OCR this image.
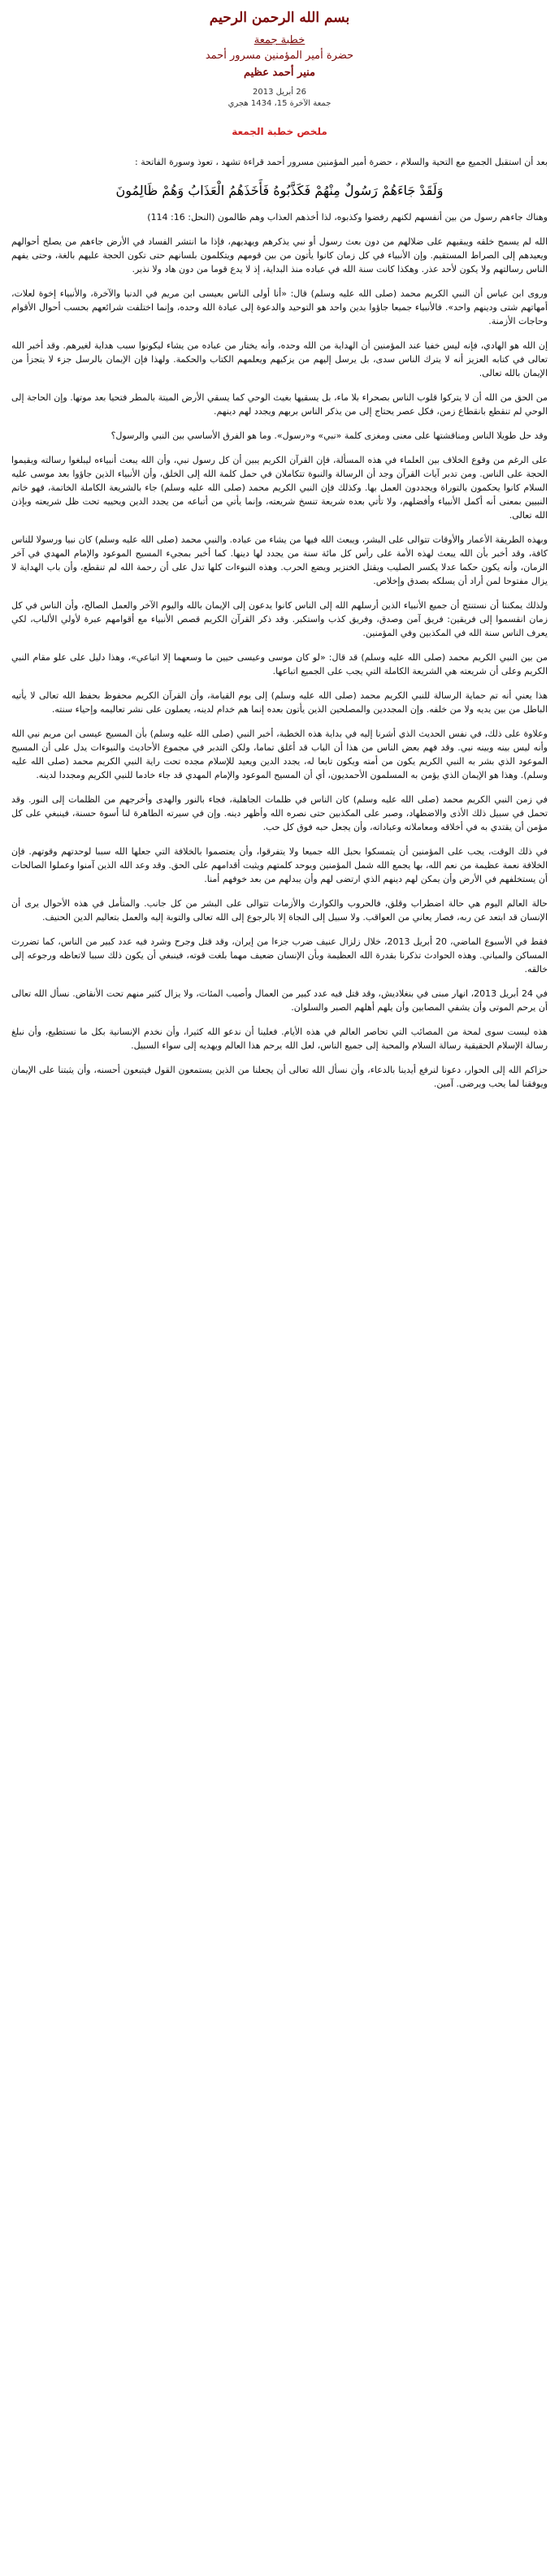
بسم الله الرحمن الرحيم
خطبة جمعة
حضرة أمير المؤمنين مسرور أحمد
منير أحمد عظيم
26 أبريل 2013
جمعة الآخرة 15، 1434 هجري
ملخص خطبة الجمعة

بعد أن استقبل الجميع مع التحية والسلام ، حضرة أمير المؤمنين مسرور أحمد قراءة تشهد ، تعوذ وسورة الفاتحة :

وَلَقَدْ جَاءَهُمْ رَسُولٌ مِنْهُمْ فَكَذَّبُوهُ فَأَخَذَهُمُ الْعَذَابُ وَهُمْ ظَالِمُونَ

وهناك جاءهم رسول من بين أنفسهم لكنهم رفضوا وكذبوه، لذا أخذهم العذاب وهم ظالمون (النحل: 16: 114)

الله لم يسمح خلقه ويبقيهم على ضلالهم من دون بعث رسول أو نبي يذكرهم ويهديهم، فإذا ما انتشر الفساد في الأرض جاءهم من يصلح أحوالهم ويعيدهم إلى الصراط المستقيم. وإن الأنبياء في كل زمان كانوا يأتون من بين قومهم ويتكلمون بلسانهم حتى تكون الحجة عليهم بالغة، وحتى يفهم الناس رسالتهم ولا يكون لأحد عذر. وهكذا كانت سنة الله في عباده منذ البداية، إذ لا يدع قوما من دون هاد ولا نذير.

وروى ابن عباس أن النبي الكريم محمد (صلى الله عليه وسلم) قال: «أنا أولى الناس بعيسى ابن مريم في الدنيا والآخرة، والأنبياء إخوة لعلات، أمهاتهم شتى ودينهم واحد». فالأنبياء جميعا جاؤوا بدين واحد هو التوحيد والدعوة إلى عبادة الله وحده، وإنما اختلفت شرائعهم بحسب أحوال الأقوام وحاجات الأزمنة.

إن الله هو الهادي، فإنه ليس خفيا عند المؤمنين أن الهداية من الله وحده، وأنه يختار من عباده من يشاء ليكونوا سبب هداية لغيرهم. وقد أخبر الله تعالى في كتابه العزيز أنه لا يترك الناس سدى، بل يرسل إليهم من يزكيهم ويعلمهم الكتاب والحكمة. ولهذا فإن الإيمان بالرسل جزء لا يتجزأ من الإيمان بالله تعالى.

من الحق من الله أن لا يتركوا قلوب الناس بصحراء بلا ماء، بل يسقيها بغيث الوحي كما يسقي الأرض الميتة بالمطر فتحيا بعد موتها. وإن الحاجة إلى الوحي لم تنقطع بانقطاع زمن، فكل عصر يحتاج إلى من يذكر الناس بربهم ويجدد لهم دينهم.

وقد حل طويلا الناس ومناقشتها على معنى ومغزى كلمة «نبي» و«رسول». وما هو الفرق الأساسي بين النبي والرسول؟

على الرغم من وقوع الخلاف بين العلماء في هذه المسألة، فإن القرآن الكريم يبين أن كل رسول نبي، وأن الله يبعث أنبياءه ليبلغوا رسالته ويقيموا الحجة على الناس. ومن تدبر آيات القرآن وجد أن الرسالة والنبوة تتكاملان في حمل كلمة الله إلى الخلق، وأن الأنبياء الذين جاؤوا بعد موسى عليه السلام كانوا يحكمون بالتوراة ويجددون العمل بها. وكذلك فإن النبي الكريم محمد (صلى الله عليه وسلم) جاء بالشريعة الكاملة الخاتمة، فهو خاتم النبيين بمعنى أنه أكمل الأنبياء وأفضلهم، ولا تأتي بعده شريعة تنسخ شريعته، وإنما يأتي من أتباعه من يجدد الدين ويحييه تحت ظل شريعته وبإذن الله تعالى.

وبهذه الطريقة الأعمار والأوقات تتوالى على البشر، ويبعث الله فيها من يشاء من عباده. والنبي محمد (صلى الله عليه وسلم) كان نبيا ورسولا للناس كافة، وقد أخبر بأن الله يبعث لهذه الأمة على رأس كل مائة سنة من يجدد لها دينها. كما أخبر بمجيء المسيح الموعود والإمام المهدي في آخر الزمان، وأنه يكون حكما عدلا يكسر الصليب ويقتل الخنزير ويضع الحرب. وهذه النبوءات كلها تدل على أن رحمة الله لم تنقطع، وأن باب الهداية لا يزال مفتوحا لمن أراد أن يسلكه بصدق وإخلاص.

ولذلك يمكننا أن نستنتج أن جميع الأنبياء الذين أرسلهم الله إلى الناس كانوا يدعون إلى الإيمان بالله واليوم الآخر والعمل الصالح، وأن الناس في كل زمان انقسموا إلى فريقين: فريق آمن وصدق، وفريق كذب واستكبر. وقد ذكر القرآن الكريم قصص الأنبياء مع أقوامهم عبرة لأولي الألباب، لكي يعرف الناس سنة الله في المكذبين وفي المؤمنين.

من بين النبي الكريم محمد (صلى الله عليه وسلم) قد قال: «لو كان موسى وعيسى حيين ما وسعهما إلا اتباعي»، وهذا دليل على علو مقام النبي الكريم وعلى أن شريعته هي الشريعة الكاملة التي يجب على الجميع اتباعها.

هذا يعني أنه تم حماية الرسالة للنبي الكريم محمد (صلى الله عليه وسلم) إلى يوم القيامة، وأن القرآن الكريم محفوظ بحفظ الله تعالى لا يأتيه الباطل من بين يديه ولا من خلفه. وإن المجددين والمصلحين الذين يأتون بعده إنما هم خدام لدينه، يعملون على نشر تعاليمه وإحياء سنته.

وعلاوة على ذلك، في نفس الحديث الذي أشرنا إليه في بداية هذه الخطبة، أخبر النبي (صلى الله عليه وسلم) بأن المسيح عيسى ابن مريم نبي الله وأنه ليس بينه وبينه نبي. وقد فهم بعض الناس من هذا أن الباب قد أغلق تماما، ولكن التدبر في مجموع الأحاديث والنبوءات يدل على أن المسيح الموعود الذي بشر به النبي الكريم يكون من أمته ويكون تابعا له، يجدد الدين ويعيد للإسلام مجده تحت راية النبي الكريم محمد (صلى الله عليه وسلم). وهذا هو الإيمان الذي يؤمن به المسلمون الأحمديون، أي أن المسيح الموعود والإمام المهدي قد جاء خادما للنبي الكريم ومجددا لدينه.

في زمن النبي الكريم محمد (صلى الله عليه وسلم) كان الناس في ظلمات الجاهلية، فجاء بالنور والهدى وأخرجهم من الظلمات إلى النور. وقد تحمل في سبيل ذلك الأذى والاضطهاد، وصبر على المكذبين حتى نصره الله وأظهر دينه. وإن في سيرته الطاهرة لنا أسوة حسنة، فينبغي على كل مؤمن أن يقتدي به في أخلاقه ومعاملاته وعباداته، وأن يجعل حبه فوق كل حب.

في ذلك الوقت، يجب على المؤمنين أن يتمسكوا بحبل الله جميعا ولا يتفرقوا، وأن يعتصموا بالخلافة التي جعلها الله سببا لوحدتهم وقوتهم. فإن الخلافة نعمة عظيمة من نعم الله، بها يجمع الله شمل المؤمنين ويوحد كلمتهم ويثبت أقدامهم على الحق. وقد وعد الله الذين آمنوا وعملوا الصالحات أن يستخلفهم في الأرض وأن يمكن لهم دينهم الذي ارتضى لهم وأن يبدلهم من بعد خوفهم أمنا.

حالة العالم اليوم هي حالة اضطراب وقلق، فالحروب والكوارث والأزمات تتوالى على البشر من كل جانب. والمتأمل في هذه الأحوال يرى أن الإنسان قد ابتعد عن ربه، فصار يعاني من العواقب. ولا سبيل إلى النجاة إلا بالرجوع إلى الله تعالى والتوبة إليه والعمل بتعاليم الدين الحنيف.

فقط في الأسبوع الماضي، 20 أبريل 2013، خلال زلزال عنيف ضرب جزءا من إيران، وقد قتل وجرح وشرد فيه عدد كبير من الناس، كما تضررت المساكن والمباني. وهذه الحوادث تذكرنا بقدرة الله العظيمة وبأن الإنسان ضعيف مهما بلغت قوته، فينبغي أن يكون ذلك سببا لاتعاظه ورجوعه إلى خالقه.

في 24 أبريل 2013، انهار مبنى في بنغلاديش، وقد قتل فيه عدد كبير من العمال وأصيب المئات، ولا يزال كثير منهم تحت الأنقاض. نسأل الله تعالى أن يرحم الموتى وأن يشفي المصابين وأن يلهم أهلهم الصبر والسلوان.

هذه ليست سوى لمحة من المصائب التي تحاصر العالم في هذه الأيام. فعلينا أن ندعو الله كثيرا، وأن نخدم الإنسانية بكل ما نستطيع، وأن نبلغ رسالة الإسلام الحقيقية رسالة السلام والمحبة إلى جميع الناس، لعل الله يرحم هذا العالم ويهديه إلى سواء السبيل.

حزاكم الله إلى الحوار، دعونا لنرفع أيدينا بالدعاء، وأن نسأل الله تعالى أن يجعلنا من الذين يستمعون القول فيتبعون أحسنه، وأن يثبتنا على الإيمان ويوفقنا لما يحب ويرضى. آمين.
